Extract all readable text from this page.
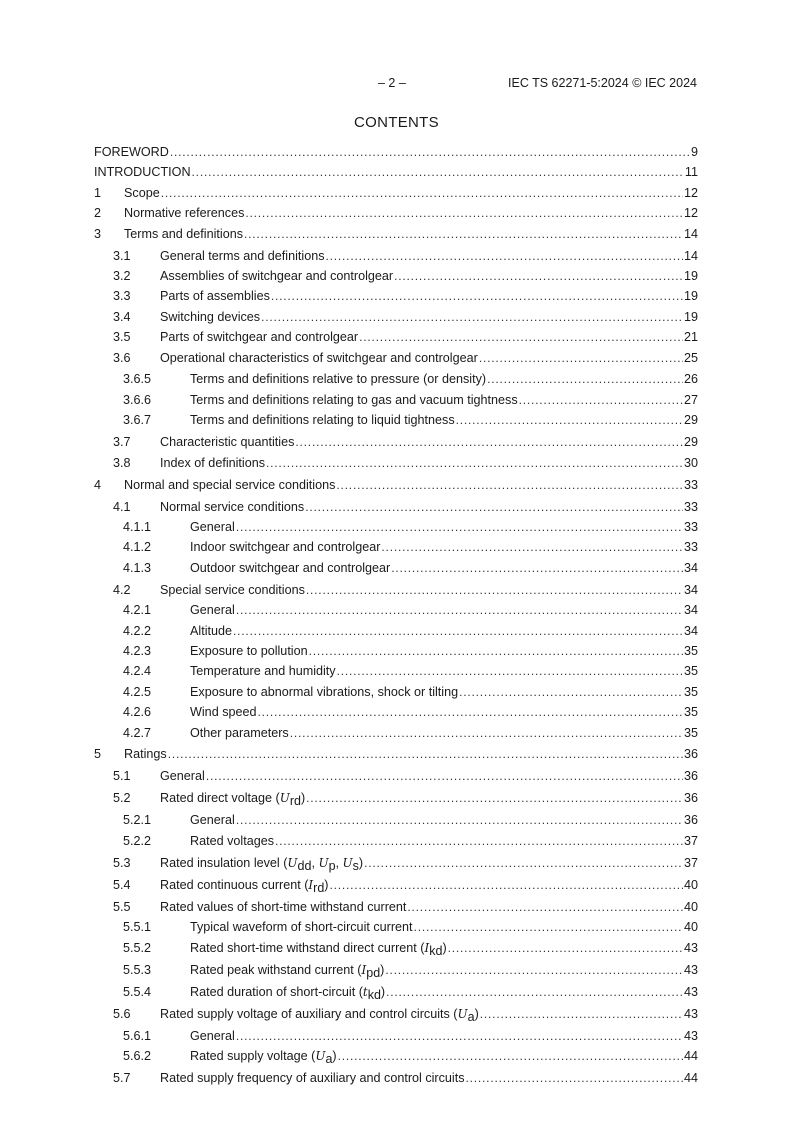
– 2 –	IEC TS 62271-5:2024 © IEC 2024
CONTENTS
FOREWORD .....	9
INTRODUCTION .....	11
1	Scope .....	12
2	Normative references .....	12
3	Terms and definitions .....	14
3.1	General terms and definitions .....	14
3.2	Assemblies of switchgear and controlgear .....	19
3.3	Parts of assemblies .....	19
3.4	Switching devices .....	19
3.5	Parts of switchgear and controlgear .....	21
3.6	Operational characteristics of switchgear and controlgear .....	25
3.6.5	Terms and definitions relative to pressure (or density) .....	26
3.6.6	Terms and definitions relating to gas and vacuum tightness .....	27
3.6.7	Terms and definitions relating to liquid tightness .....	29
3.7	Characteristic quantities .....	29
3.8	Index of definitions .....	30
4	Normal and special service conditions .....	33
4.1	Normal service conditions .....	33
4.1.1	General .....	33
4.1.2	Indoor switchgear and controlgear .....	33
4.1.3	Outdoor switchgear and controlgear .....	34
4.2	Special service conditions .....	34
4.2.1	General .....	34
4.2.2	Altitude .....	34
4.2.3	Exposure to pollution .....	35
4.2.4	Temperature and humidity .....	35
4.2.5	Exposure to abnormal vibrations, shock or tilting .....	35
4.2.6	Wind speed .....	35
4.2.7	Other parameters .....	35
5	Ratings .....	36
5.1	General .....	36
5.2	Rated direct voltage (Urd) .....	36
5.2.1	General .....	36
5.2.2	Rated voltages .....	37
5.3	Rated insulation level (Udd, Up, Us) .....	37
5.4	Rated continuous current (Ird) .....	40
5.5	Rated values of short-time withstand current .....	40
5.5.1	Typical waveform of short-circuit current .....	40
5.5.2	Rated short-time withstand direct current (Ikd) .....	43
5.5.3	Rated peak withstand current (Ipd) .....	43
5.5.4	Rated duration of short-circuit (tkd) .....	43
5.6	Rated supply voltage of auxiliary and control circuits (Ua) .....	43
5.6.1	General .....	43
5.6.2	Rated supply voltage (Ua) .....	44
5.7	Rated supply frequency of auxiliary and control circuits .....	44
